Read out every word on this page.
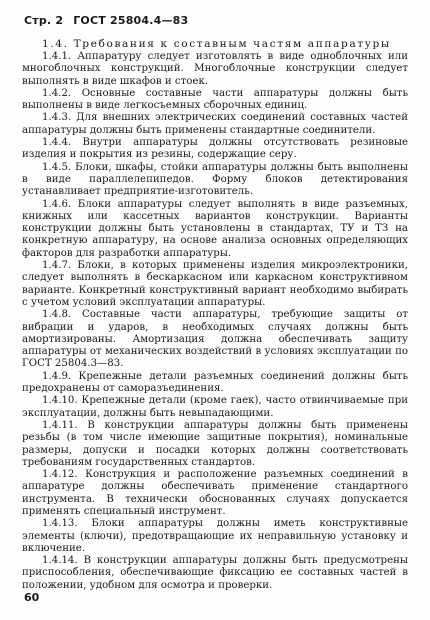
Стр. 2 ГОСТ 25804.4—83

1.4. Требования к составным частям аппаратуры

1.4.1. Аппаратуру следует изготовлять в виде одноблочных или многоблочных конструкций. Многоблочные конструкции следует выполнять в виде шкафов и стоек.

1.4.2. Основные составные части аппаратуры должны быть выполнены в виде легкосъемных сборочных единиц.

1.4.3. Для внешних электрических соединений составных частей аппаратуры должны быть применены стандартные соединители.

1.4.4. Внутри аппаратуры должны отсутствовать резиновые изделия и покрытия из резины, содержащие серу.

1.4.5. Блоки, шкафы, стойки аппаратуры должны быть выполнены в виде параллелепипедов. Форму блоков детектирования устанавливает предприятие-изготовитель.

1.4.6. Блоки аппаратуры следует выполнять в виде разъемных, книжных или кассетных вариантов конструкции. Варианты конструкции должны быть установлены в стандартах, ТУ и ТЗ на конкретную аппаратуру, на основе анализа основных определяющих факторов для разработки аппаратуры.

1.4.7. Блоки, в которых применены изделия микроэлектроники, следует выполнять в бескаркасном или каркасном конструктивном варианте. Конкретный конструктивный вариант необходимо выбирать с учетом условий эксплуатации аппаратуры.

1.4.8. Составные части аппаратуры, требующие защиты от вибрации и ударов, в необходимых случаях должны быть амортизированы. Амортизация должна обеспечивать защиту аппаратуры от механических воздействий в условиях эксплуатации по ГОСТ 25804.3—83.

1.4.9. Крепежные детали разъемных соединений должны быть предохранены от саморазъединения.

1.4.10. Крепежные детали (кроме гаек), часто отвинчиваемые при эксплуатации, должны быть невыпадающими.

1.4.11. В конструкции аппаратуры должны быть применены резьбы (в том числе имеющие защитные покрытия), номинальные размеры, допуски и посадки которых должны соответствовать требованиям государственных стандартов.

1.4.12. Конструкция и расположение разъемных соединений в аппаратуре должны обеспечивать применение стандартного инструмента. В технически обоснованных случаях допускается применять специальный инструмент.

1.4.13. Блоки аппаратуры должны иметь конструктивные элементы (ключи), предотвращающие их неправильную установку и включение.

1.4.14. В конструкции аппаратуры должны быть предусмотрены приспособления, обеспечивающие фиксацию ее составных частей в положении, удобном для осмотра и проверки.

60
